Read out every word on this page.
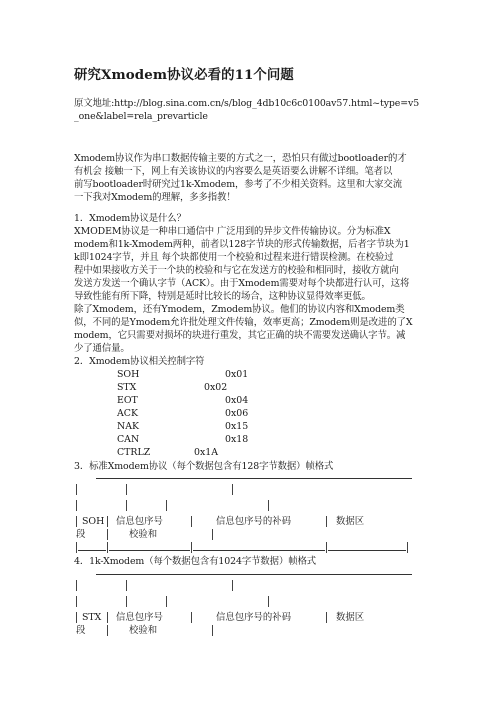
研究Xmodem协议必看的11个问题
原文地址:http://blog.sina.com.cn/s/blog_4db10c6c0100av57.html~type=v5
_one&label=rela_prevarticle
Xmodem协议作为串口数据传输主要的方式之一，恐怕只有做过bootloader的才
有机会 接触一下，网上有关该协议的内容要么是英语要么讲解不详细。笔者以
前写bootloader时研究过1k-Xmodem，参考了不少相关资料。这里和大家交流
一下我对Xmodem的理解，多多指教！
1．Xmodem协议是什么？
XMODEM协议是一种串口通信中 广泛用到的异步文件传输协议。分为标准X
modem和1k-Xmodem两种，前者以128字节块的形式传输数据，后者字节块为1
k即1024字节，并且 每个块都使用一个校验和过程来进行错误检测。在校验过
程中如果接收方关于一个块的校验和与它在发送方的校验和相同时，接收方就向
发送方发送一个确认字节（ACK）。由于Xmodem需要对每个块都进行认可，这将
导致性能有所下降，特别是延时比较长的场合，这种协议显得效率更低。
除了Xmodem，还有Ymodem，Zmodem协议。他们的协议内容和Xmodem类
似，不同的是Ymodem允许批处理文件传输，效率更高；Zmodem则是改进的了X
modem，它只需要对损坏的块进行重发，其它正确的块不需要发送确认字节。减
少了通信量。
2．Xmodem协议相关控制字符
SOH	0x01
STX	0x02
EOT	0x04
ACK	0x06
NAK	0x15
CAN	0x18
CTRLZ	0x1A
3．标准Xmodem协议（每个数据包含有128字节数据）帧格式
SOH 信息包序号	信息包序号的补码	数据区
段	校验和
4．1k-Xmodem（每个数据包含有1024字节数据）帧格式
STX 信息包序号	信息包序号的补码	数据区
段	校验和
